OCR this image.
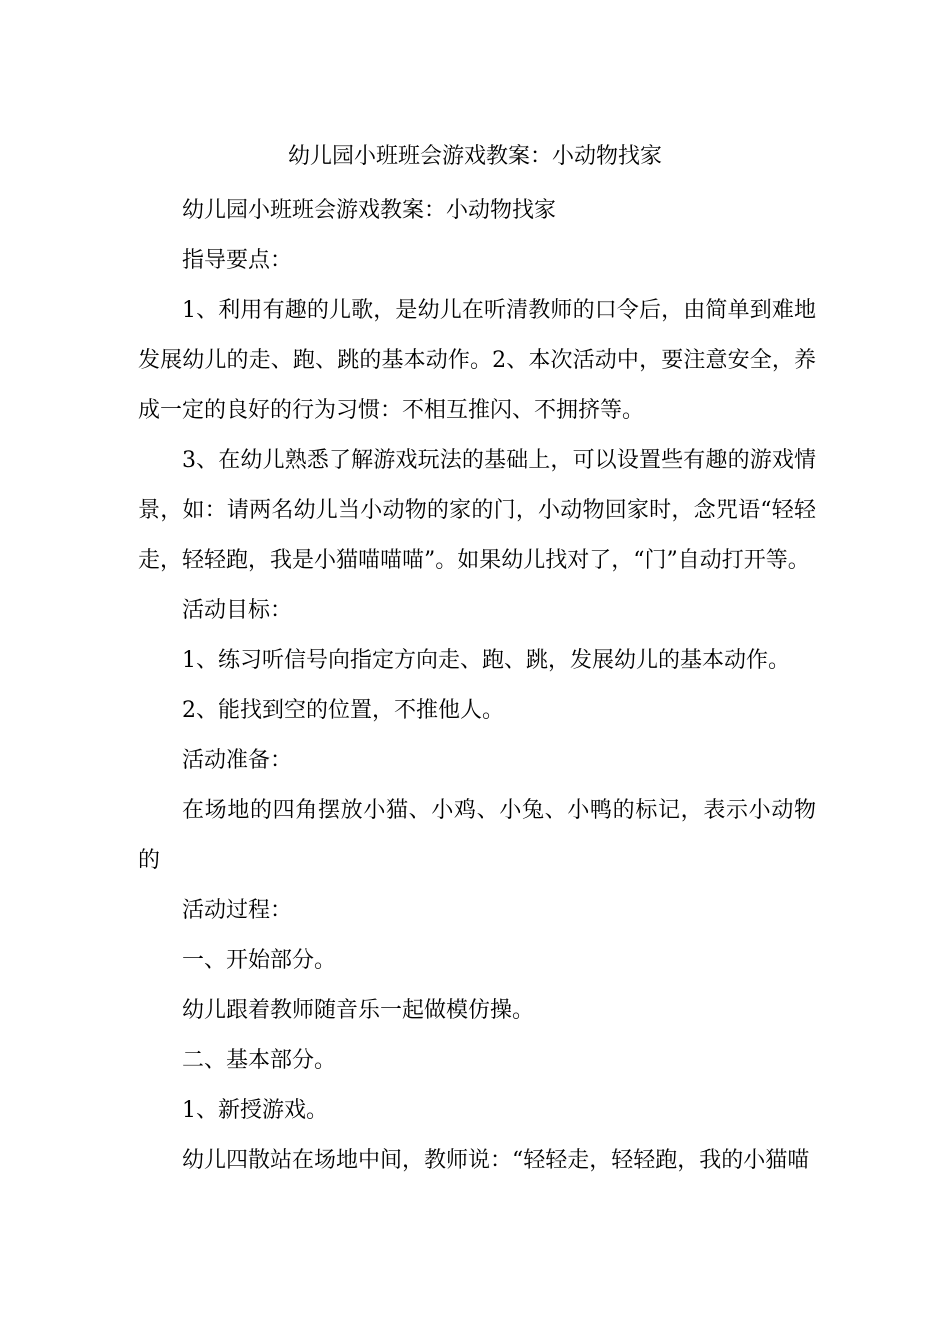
幼儿园小班班会游戏教案：小动物找家

幼儿园小班班会游戏教案：小动物找家

指导要点：

1、利用有趣的儿歌，是幼儿在听清教师的口令后，由简单到难地发展幼儿的走、跑、跳的基本动作。2、本次活动中，要注意安全，养成一定的良好的行为习惯：不相互推闪、不拥挤等。

3、在幼儿熟悉了解游戏玩法的基础上，可以设置些有趣的游戏情景，如：请两名幼儿当小动物的家的门，小动物回家时，念咒语“轻轻走，轻轻跑，我是小猫喵喵喵”。如果幼儿找对了，“门”自动打开等。

活动目标：

1、练习听信号向指定方向走、跑、跳，发展幼儿的基本动作。

2、能找到空的位置，不推他人。

活动准备：

在场地的四角摆放小猫、小鸡、小兔、小鸭的标记，表示小动物的

活动过程：

一、开始部分。

幼儿跟着教师随音乐一起做模仿操。

二、基本部分。

1、新授游戏。

幼儿四散站在场地中间，教师说：“轻轻走，轻轻跑，我的小猫喵
